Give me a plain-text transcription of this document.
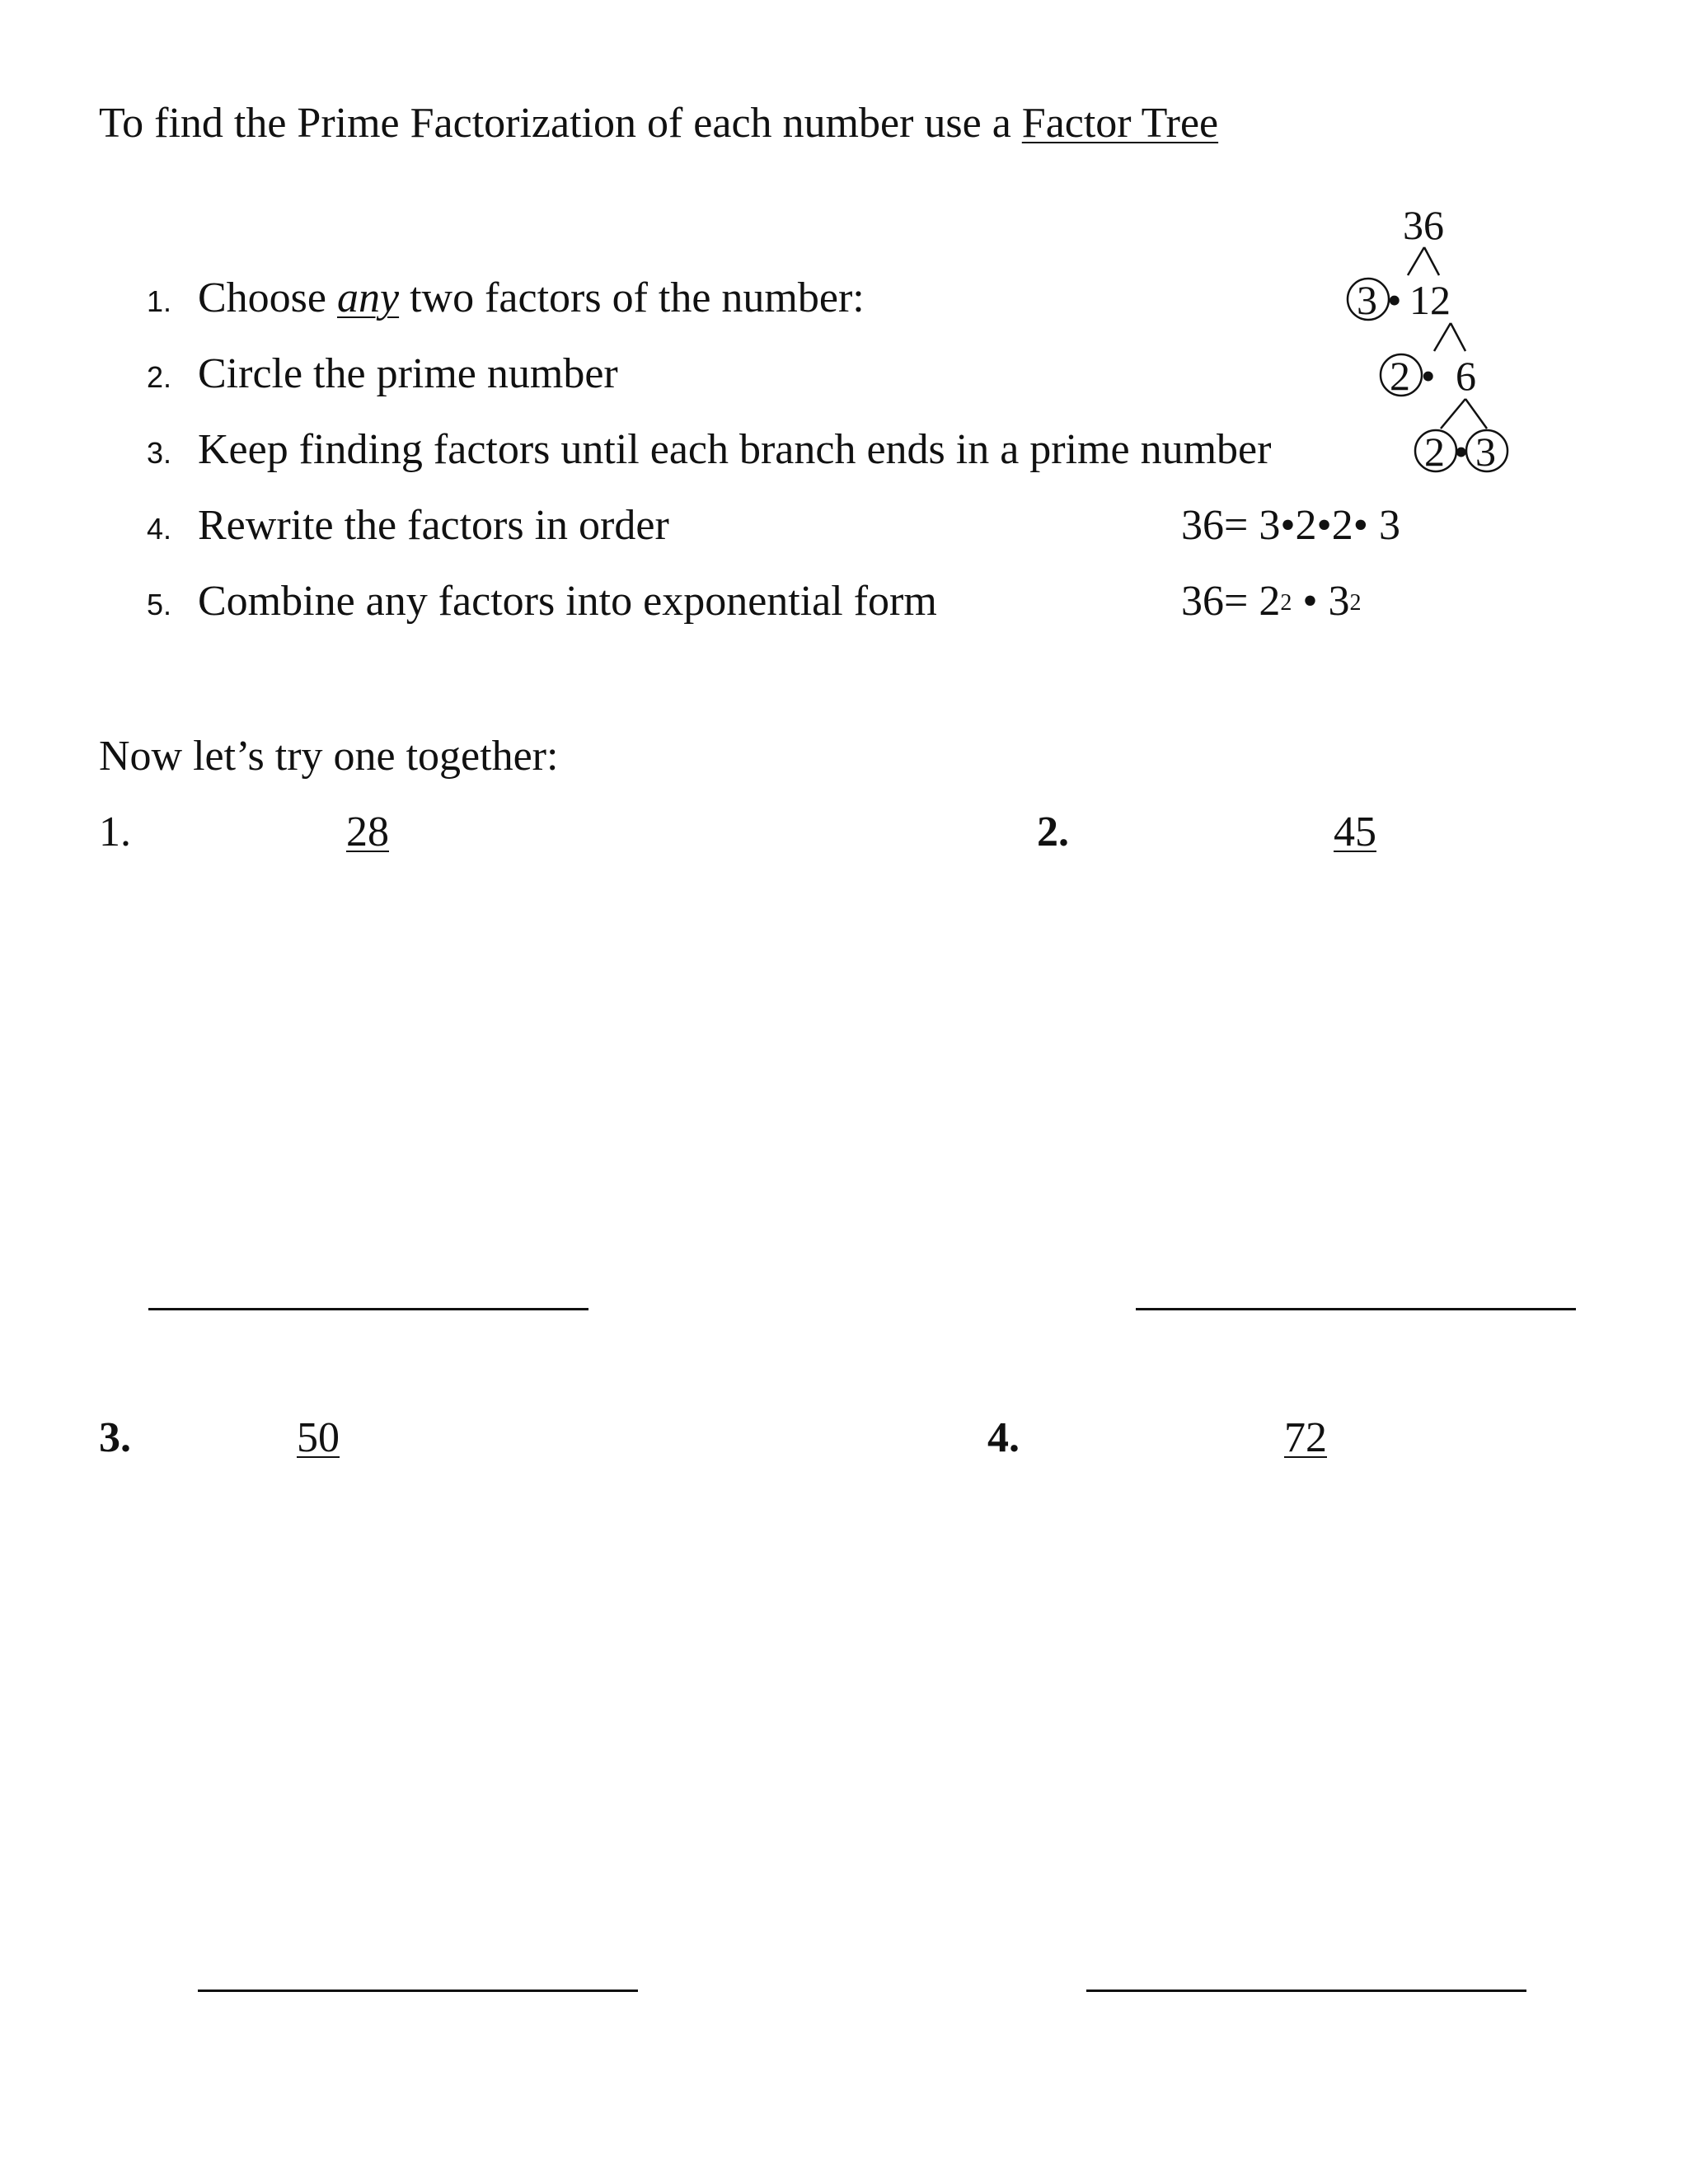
To find the Prime Factorization of each number use a Factor Tree
1. Choose any two factors of the number:
2. Circle the prime number
3. Keep finding factors until each branch ends in a prime number
4. Rewrite the factors in order
5. Combine any factors into exponential form
36= 3•2•2• 3
$36= 2^2$ • $3^2$
36
3 • 12
2 • 6
2 • 3
Now let’s try one together:
1.	28	2.	45
3.	50	4.	72
